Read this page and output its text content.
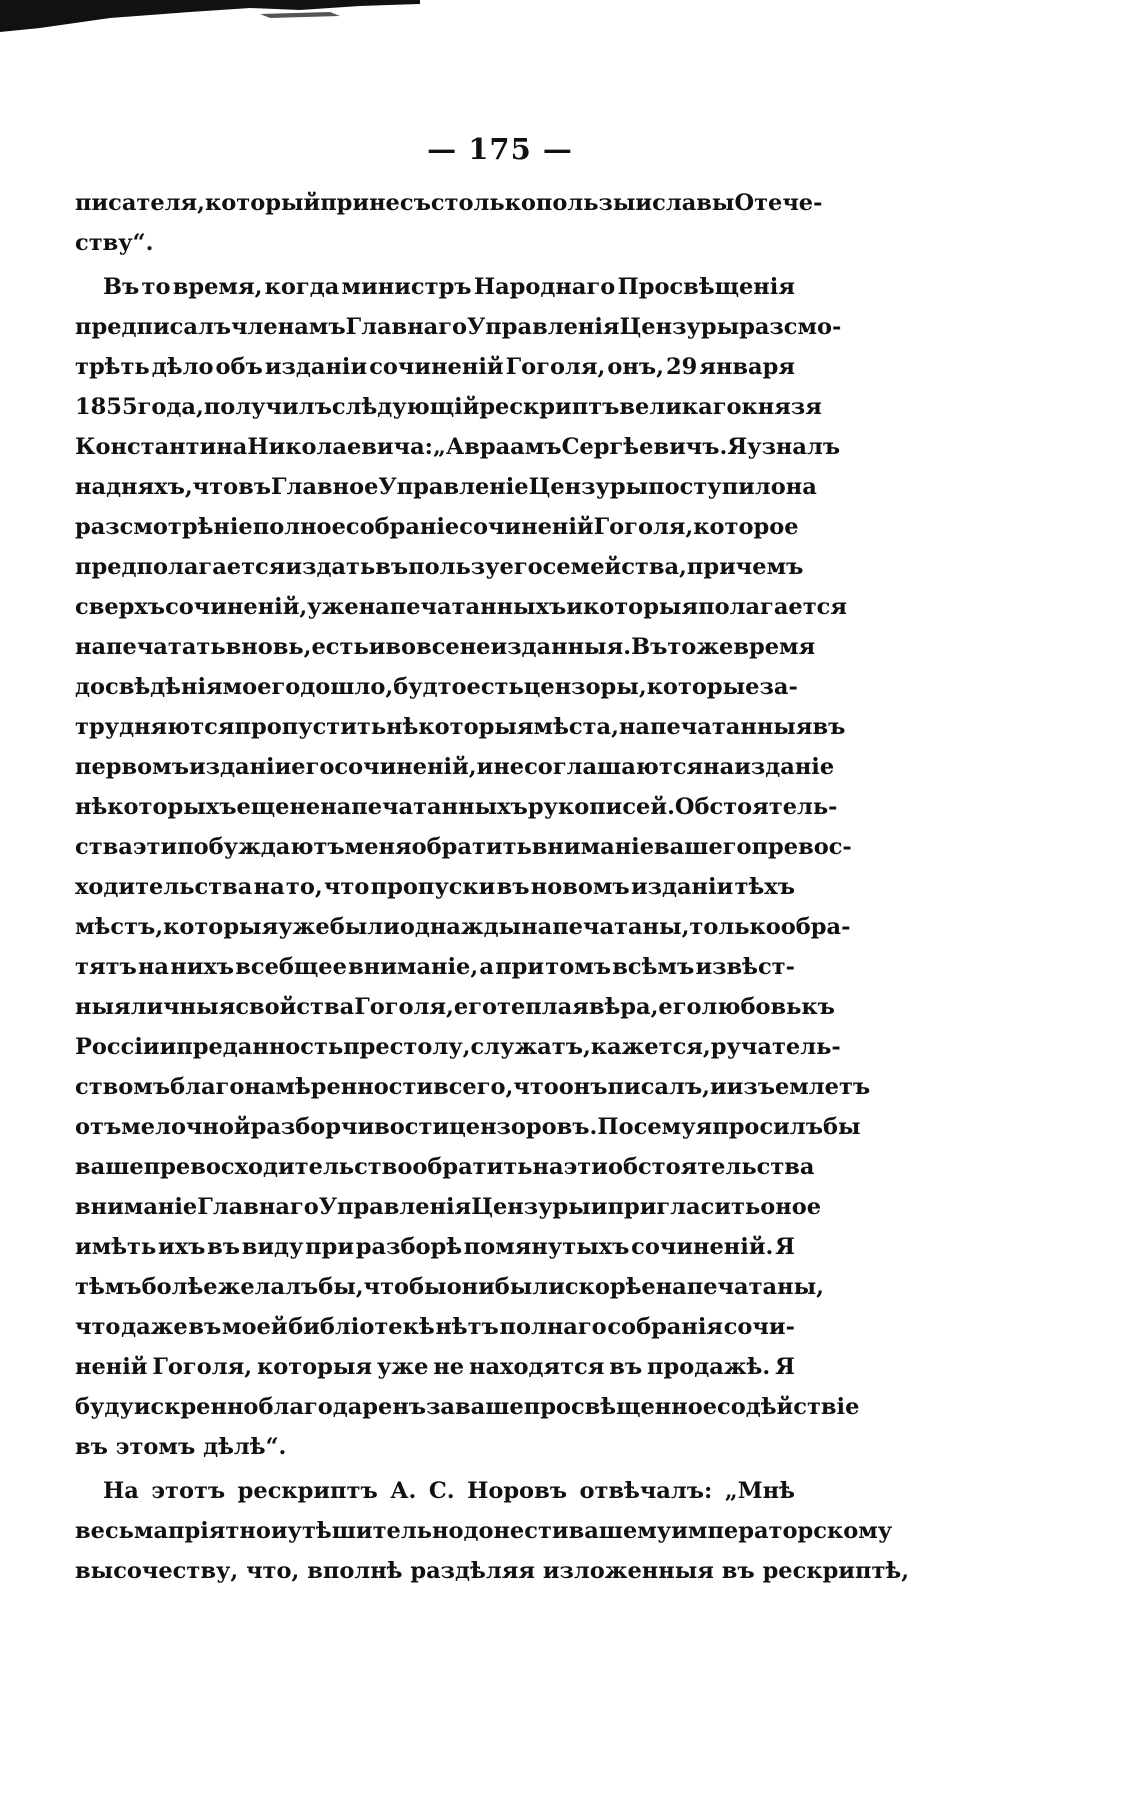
— 175 —
писателя, который принесъ столько пользы и славы Отече-
ству“.
Въ то время, когда министръ Народнаго Просвѣщенія
предписалъ членамъ Главнаго Управленія Цензуры разсмо-
трѣть дѣло объ изданіи сочиненій Гоголя, онъ, 29 января
1855 года, получилъ слѣдующій рескриптъ великаго князя
Константина Николаевича: „Авраамъ Сергѣевичъ. Я узналъ
на дняхъ, что въ Главное Управленіе Цензуры поступило на
разсмотрѣніе полное собраніе сочиненій Гоголя, которое
предполагается издать въ пользу его семейства, при чемъ
сверхъ сочиненій, уже напечатанныхъ и которыя полагается
напечатать вновь, есть и вовсе неизданныя. Въ то же время
до свѣдѣнія моего дошло, будто есть цензоры, которые за-
трудняются пропустить нѣкоторыя мѣста, напечатанныя въ
первомъ изданіи его сочиненій, и не соглашаются на изданіе
нѣкоторыхъ еще ненапечатанныхъ рукописей. Обстоятель-
ства эти побуждаютъ меня обратить вниманіе вашего превос-
ходительства на то, что пропуски въ новомъ изданіи тѣхъ
мѣстъ, которыя уже были однажды напечатаны, только обра-
тятъ на нихъ всебщее вниманіе, а при томъ всѣмъ извѣст-
ныя личныя свойства Гоголя, его теплая вѣра, его любовь къ
Россіи и преданность престолу, служатъ, кажется, ручатель-
ствомъ благонамѣренности всего, что онъ писалъ, и изъемлетъ
отъ мелочной разборчивости цензоровъ. Посему я просилъ бы
ваше превосходительство обратить на эти обстоятельства
вниманіе Главнаго Управленія Цензуры и пригласить оное
имѣть ихъ въ виду при разборѣ помянутыхъ сочиненій. Я
тѣмъ болѣе желалъ бы, чтобы они были скорѣе напечатаны,
что даже въ моей библіотекѣ нѣтъ полнаго собранія сочи-
неній Гоголя, которыя уже не находятся въ продажѣ. Я
буду искренно благодаренъ за ваше просвѣщенное содѣйствіе
въ этомъ дѣлѣ“.
На этотъ рескриптъ А. С. Норовъ отвѣчалъ: „Мнѣ
весьма пріятно и утѣшительно донести вашему императорскому
высочеству, что, вполнѣ раздѣляя изложенныя въ рескриптѣ,
